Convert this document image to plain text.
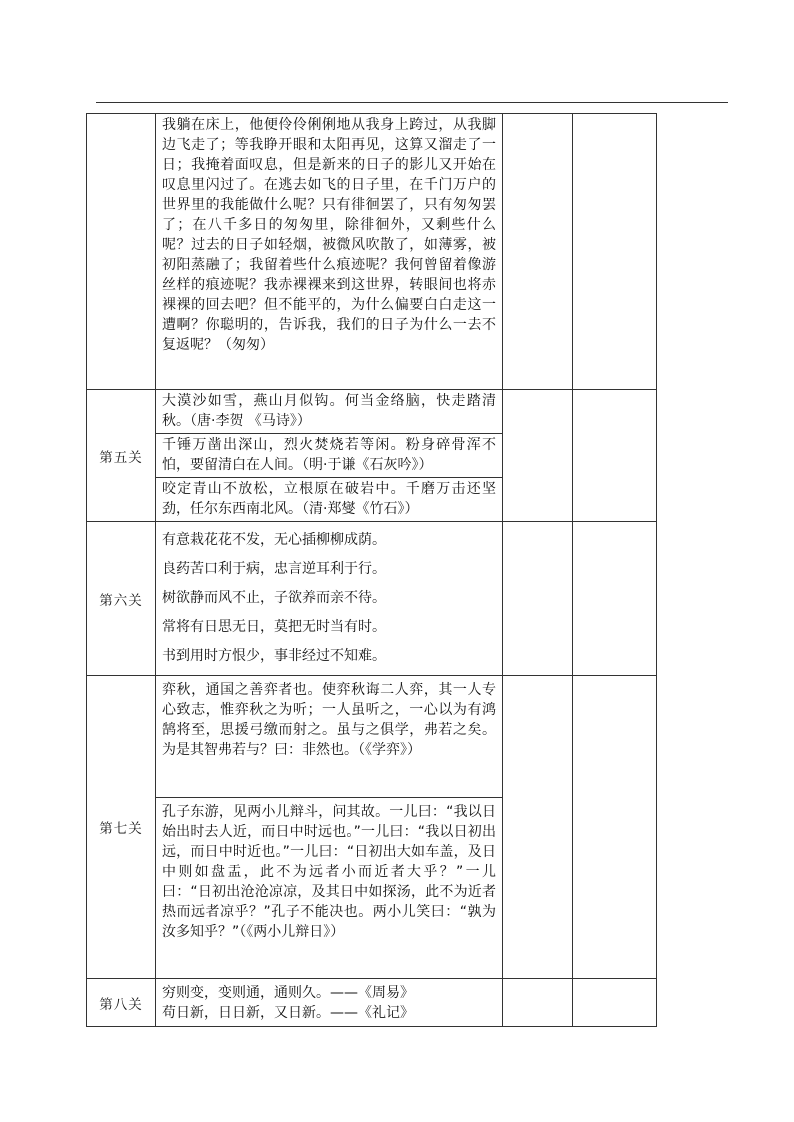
	我躺在床上，他便伶伶俐俐地从我身上跨过，从我脚边飞走了；等我睁开眼和太阳再见，这算又溜走了一日；我掩着面叹息，但是新来的日子的影儿又开始在叹息里闪过了。在逃去如飞的日子里，在千门万户的世界里的我能做什么呢？只有徘徊罢了，只有匆匆罢了；在八千多日的匆匆里，除徘徊外，又剩些什么呢？过去的日子如轻烟，被微风吹散了，如薄雾，被初阳蒸融了；我留着些什么痕迹呢？我何曾留着像游丝样的痕迹呢？我赤裸裸来到这世界，转眼间也将赤裸裸的回去吧？但不能平的，为什么偏要白白走这一遭啊？你聪明的，告诉我，我们的日子为什么一去不复返呢？（匆匆）		

第五关	大漠沙如雪，燕山月似钩。何当金络脑，快走踏清秋。（唐·李贺 《马诗》）		

	千锤万凿出深山，烈火焚烧若等闲。粉身碎骨浑不怕，要留清白在人间。（明·于谦《石灰吟》）		

	咬定青山不放松，立根原在破岩中。千磨万击还坚劲，任尔东西南北风。（清·郑燮《竹石》）		

第六关	有意栽花花不发，无心插柳柳成荫。
良药苦口利于病，忠言逆耳利于行。
树欲静而风不止，子欲养而亲不待。
常将有日思无日，莫把无时当有时。
书到用时方恨少，事非经过不知难。		

第七关	弈秋，通国之善弈者也。使弈秋诲二人弈，其一人专心致志，惟弈秋之为听；一人虽听之，一心以为有鸿鹄将至，思援弓缴而射之。虽与之俱学，弗若之矣。为是其智弗若与？曰：非然也。（《学弈》）		

	孔子东游，见两小儿辩斗，问其故。一儿曰：“我以日始出时去人近，而日中时远也。”一儿曰：“我以日初出远，而日中时近也。”一儿曰：“日初出大如车盖，及日中则如盘盂，此不为远者小而近者大乎？”一儿曰：“日初出沧沧凉凉，及其日中如探汤，此不为近者热而远者凉乎？”孔子不能决也。两小儿笑曰：“孰为汝多知乎？”（《两小儿辩日》）		

第八关	穷则变，变则通，通则久。——《周易》
苟日新，日日新，又日新。——《礼记》		
